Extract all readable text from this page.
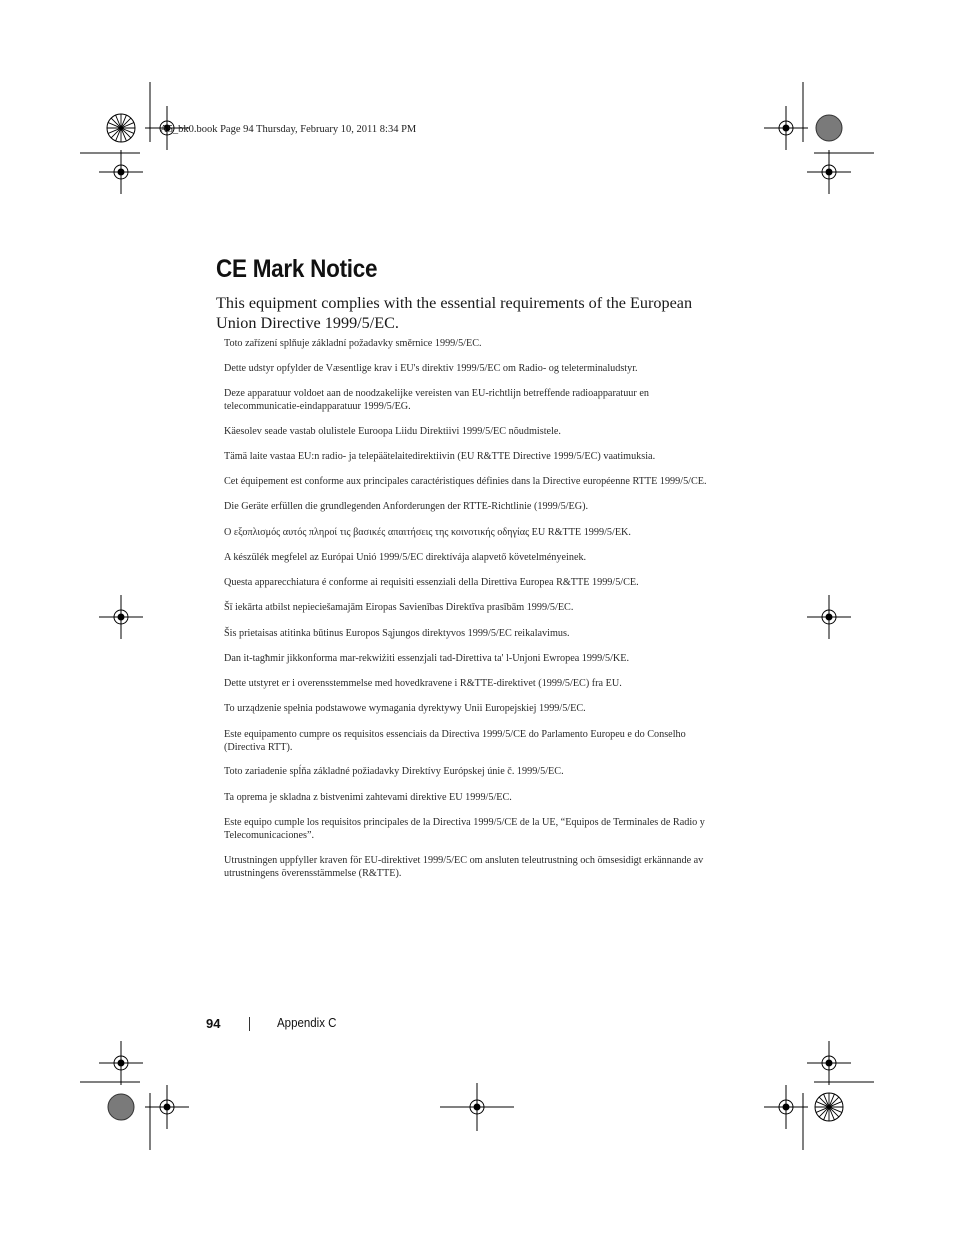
A5_bk0.book Page 94 Thursday, February 10, 2011 8:34 PM
CE Mark Notice

This equipment complies with the essential requirements of the European Union Directive 1999/5/EC.

Toto zařízení splňuje základní požadavky směrnice 1999/5/EC.

Dette udstyr opfylder de Væsentlige krav i EU's direktiv 1999/5/EC om Radio- og teleterminaludstyr.

Deze apparatuur voldoet aan de noodzakelijke vereisten van EU-richtlijn betreffende radioapparatuur en telecommunicatie-eindapparatuur 1999/5/EG.

Käesolev seade vastab olulistele Euroopa Liidu Direktiivi 1999/5/EC nõudmistele.

Tämä laite vastaa EU:n radio- ja telepäätelaitedirektiivin (EU R&TTE Directive 1999/5/EC) vaatimuksia.

Cet équipement est conforme aux principales caractéristiques définies dans la Directive européenne RTTE 1999/5/CE.

Die Geräte erfüllen die grundlegenden Anforderungen der RTTE-Richtlinie (1999/5/EG).

Ο εξοπλισμός αυτός πληροί τις βασικές απαιτήσεις της κοινοτικής οδηγίας EU R&TTE 1999/5/EK.

A készülék megfelel az Európai Unió 1999/5/EC direktívája alapvető követelményeinek.

Questa apparecchiatura é conforme ai requisiti essenziali della Direttiva Europea R&TTE 1999/5/CE.

Šī iekārta atbilst nepieciešamajām Eiropas Savienības Direktīva prasībām 1999/5/EC.

Šis prietaisas atitinka būtinus Europos Sąjungos direktyvos 1999/5/EC reikalavimus.

Dan it-tagħmir jikkonforma mar-rekwiżiti essenzjali tad-Direttiva ta' l-Unjoni Ewropea 1999/5/KE.

Dette utstyret er i overensstemmelse med hovedkravene i R&TTE-direktivet (1999/5/EC) fra EU.

To urządzenie spełnia podstawowe wymagania dyrektywy Unii Europejskiej 1999/5/EC.

Este equipamento cumpre os requisitos essenciais da Directiva 1999/5/CE do Parlamento Europeu e do Conselho (Directiva RTT).

Toto zariadenie spĺňa základné požiadavky Direktívy Európskej únie č. 1999/5/EC.

Ta oprema je skladna z bistvenimi zahtevami direktive EU 1999/5/EC.

Este equipo cumple los requisitos principales de la Directiva 1999/5/CE de la UE, “Equipos de Terminales de Radio y Telecomunicaciones”.

Utrustningen uppfyller kraven för EU-direktivet 1999/5/EC om ansluten teleutrustning och ömsesidigt erkännande av utrustningens överensstämmelse (R&TTE).

94	Appendix C
